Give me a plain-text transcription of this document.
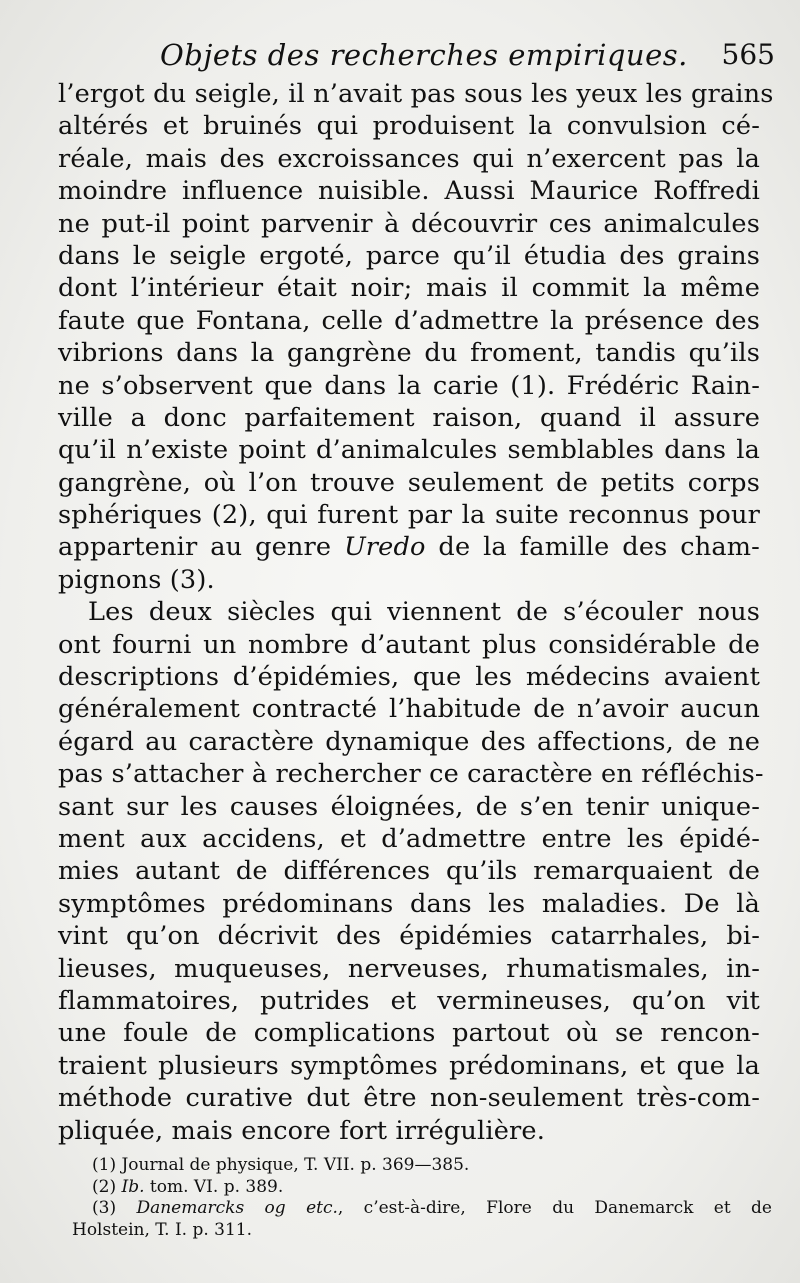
Objets des recherches empiriques. 565
l’ergot du seigle, il n’avait pas sous les yeux les grains
altérés et bruinés qui produisent la convulsion cé-
réale, mais des excroissances qui n’exercent pas la
moindre influence nuisible. Aussi Maurice Roffredi
ne put-il point parvenir à découvrir ces animalcules
dans le seigle ergoté, parce qu’il étudia des grains
dont l’intérieur était noir; mais il commit la même
faute que Fontana, celle d’admettre la présence des
vibrions dans la gangrène du froment, tandis qu’ils
ne s’observent que dans la carie (1). Frédéric Rain-
ville a donc parfaitement raison, quand il assure
qu’il n’existe point d’animalcules semblables dans la
gangrène, où l’on trouve seulement de petits corps
sphériques (2), qui furent par la suite reconnus pour
appartenir au genre Uredo de la famille des cham-
pignons (3).
Les deux siècles qui viennent de s’écouler nous
ont fourni un nombre d’autant plus considérable de
descriptions d’épidémies, que les médecins avaient
généralement contracté l’habitude de n’avoir aucun
égard au caractère dynamique des affections, de ne
pas s’attacher à rechercher ce caractère en réfléchis-
sant sur les causes éloignées, de s’en tenir unique-
ment aux accidens, et d’admettre entre les épidé-
mies autant de différences qu’ils remarquaient de
symptômes prédominans dans les maladies. De là
vint qu’on décrivit des épidémies catarrhales, bi-
lieuses, muqueuses, nerveuses, rhumatismales, in-
flammatoires, putrides et vermineuses, qu’on vit
une foule de complications partout où se rencon-
traient plusieurs symptômes prédominans, et que la
méthode curative dut être non-seulement très-com-
pliquée, mais encore fort irrégulière.
(1) Journal de physique, T. VII. p. 369—385.
(2) Ib. tom. VI. p. 389.
(3) Danemarcks og etc., c’est-à-dire, Flore du Danemarck et de
Holstein, T. I. p. 311.
